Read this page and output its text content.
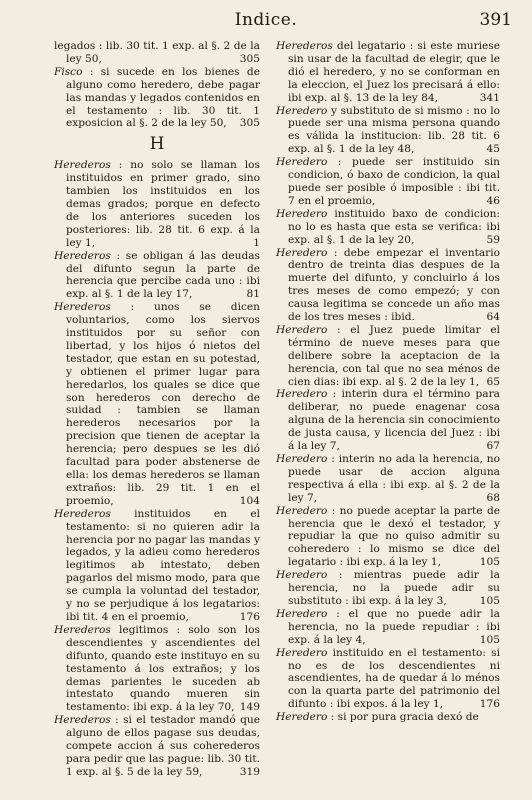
Indice.	391
legados : lib. 30 tit. 1 exp. al §. 2 de la ley 50,	305
Fisco : si sucede en los bienes de alguno como heredero, debe pagar las mandas y legados contenidos en el testamento : lib. 30 tit. 1 exposicion al §. 2 de la ley 50, 305
H
Herederos : no solo se llaman los instituidos en primer grado, sino tambien los instituidos en los demas grados; porque en defecto de los anteriores suceden los posteriores: lib. 28 tit. 6 exp. á la ley 1,	1
Herederos : se obligan á las deudas del difunto segun la parte de herencia que percibe cada uno : ibi exp. al §. 1 de la ley 17,	81
Herederos : unos se dicen voluntarios, como los siervos instituidos por su señor con libertad, y los hijos ó nietos del testador, que estan en su potestad, y obtienen el primer lugar para heredarlos, los quales se dice que son herederos con derecho de suidad : tambien se llaman herederos necesarios por la precision que tienen de aceptar la herencia; pero despues se les dió facultad para poder abstenerse de ella: los demas herederos se llaman extraños: lib. 29 tit. 1 en el proemio,	104
Herederos instituidos en el testamento: si no quieren adir la herencia por no pagar las mandas y legados, y la adieu como herederos legitimos ab intestato, deben pagarlos del mismo modo, para que se cumpla la voluntad del testador, y no se perjudique á los legatarios: ibi tit. 4 en el proemio,	176
Herederos legitimos : solo son los descendientes y ascendientes del difunto, quando este instituyo en su testamento á los extraños; y los demas parientes le suceden ab intestato quando mueren sin testamento: ibi exp. á la ley 70, 149
Herederos : si el testador mandó que alguno de ellos pagase sus deudas, compete accion á sus coherederos para pedir que las pague: lib. 30 tit. 1 exp. al §. 5 de la ley 59,	319
Herederos del legatario : si este muriese sin usar de la facultad de elegir, que le dió el heredero, y no se conforman en la eleccion, el Juez los precisará á ello: ibi exp. al §. 13 de la ley 84,	341
Heredero y substituto de si mismo : no lo puede ser una misma persona quando es válida la institucion: lib. 28 tit. 6 exp. al §. 1 de la ley 48,	45
Heredero : puede ser instituido sin condicion, ó baxo de condicion, la qual puede ser posible ó imposible : ibi tit. 7 en el proemio,	46
Heredero instituido baxo de condicion: no lo es hasta que esta se verifica: ibi exp. al §. 1 de la ley 20,	59
Heredero : debe empezar el inventario dentro de treinta dias despues de la muerte del difunto, y concluirlo á los tres meses de como empezó; y con causa legitima se concede un año mas de los tres meses : ibid.	64
Heredero : el Juez puede limitar el término de nueve meses para que delibere sobre la aceptacion de la herencia, con tal que no sea ménos de cien dias: ibi exp. al §. 2 de la ley 1, 65
Heredero : interin dura el término para deliberar, no puede enagenar cosa alguna de la herencia sin conocimiento de justa causa, y licencia del Juez : ibi á la ley 7,	67
Heredero : interin no ada la herencia, no puede usar de accion alguna respectiva á ella : ibi exp. al §. 2 de la ley 7,	68
Heredero : no puede aceptar la parte de herencia que le dexó el testador, y repudiar la que no quiso admitir su coheredero : lo mismo se dice del legatario : ibi exp. á la ley 1,	105
Heredero : mientras puede adir la herencia, no la puede adir su substituto : ibi exp. á la ley 3,	105
Heredero : el que no puede adir la herencia, no la puede repudiar : ibi exp. á la ley 4,	105
Heredero instituido en el testamento: si no es de los descendientes ni ascendientes, ha de quedar á lo ménos con la quarta parte del patrimonio del difunto : ibi expos. á la ley 1,	176
Heredero : si por pura gracia dexó de
